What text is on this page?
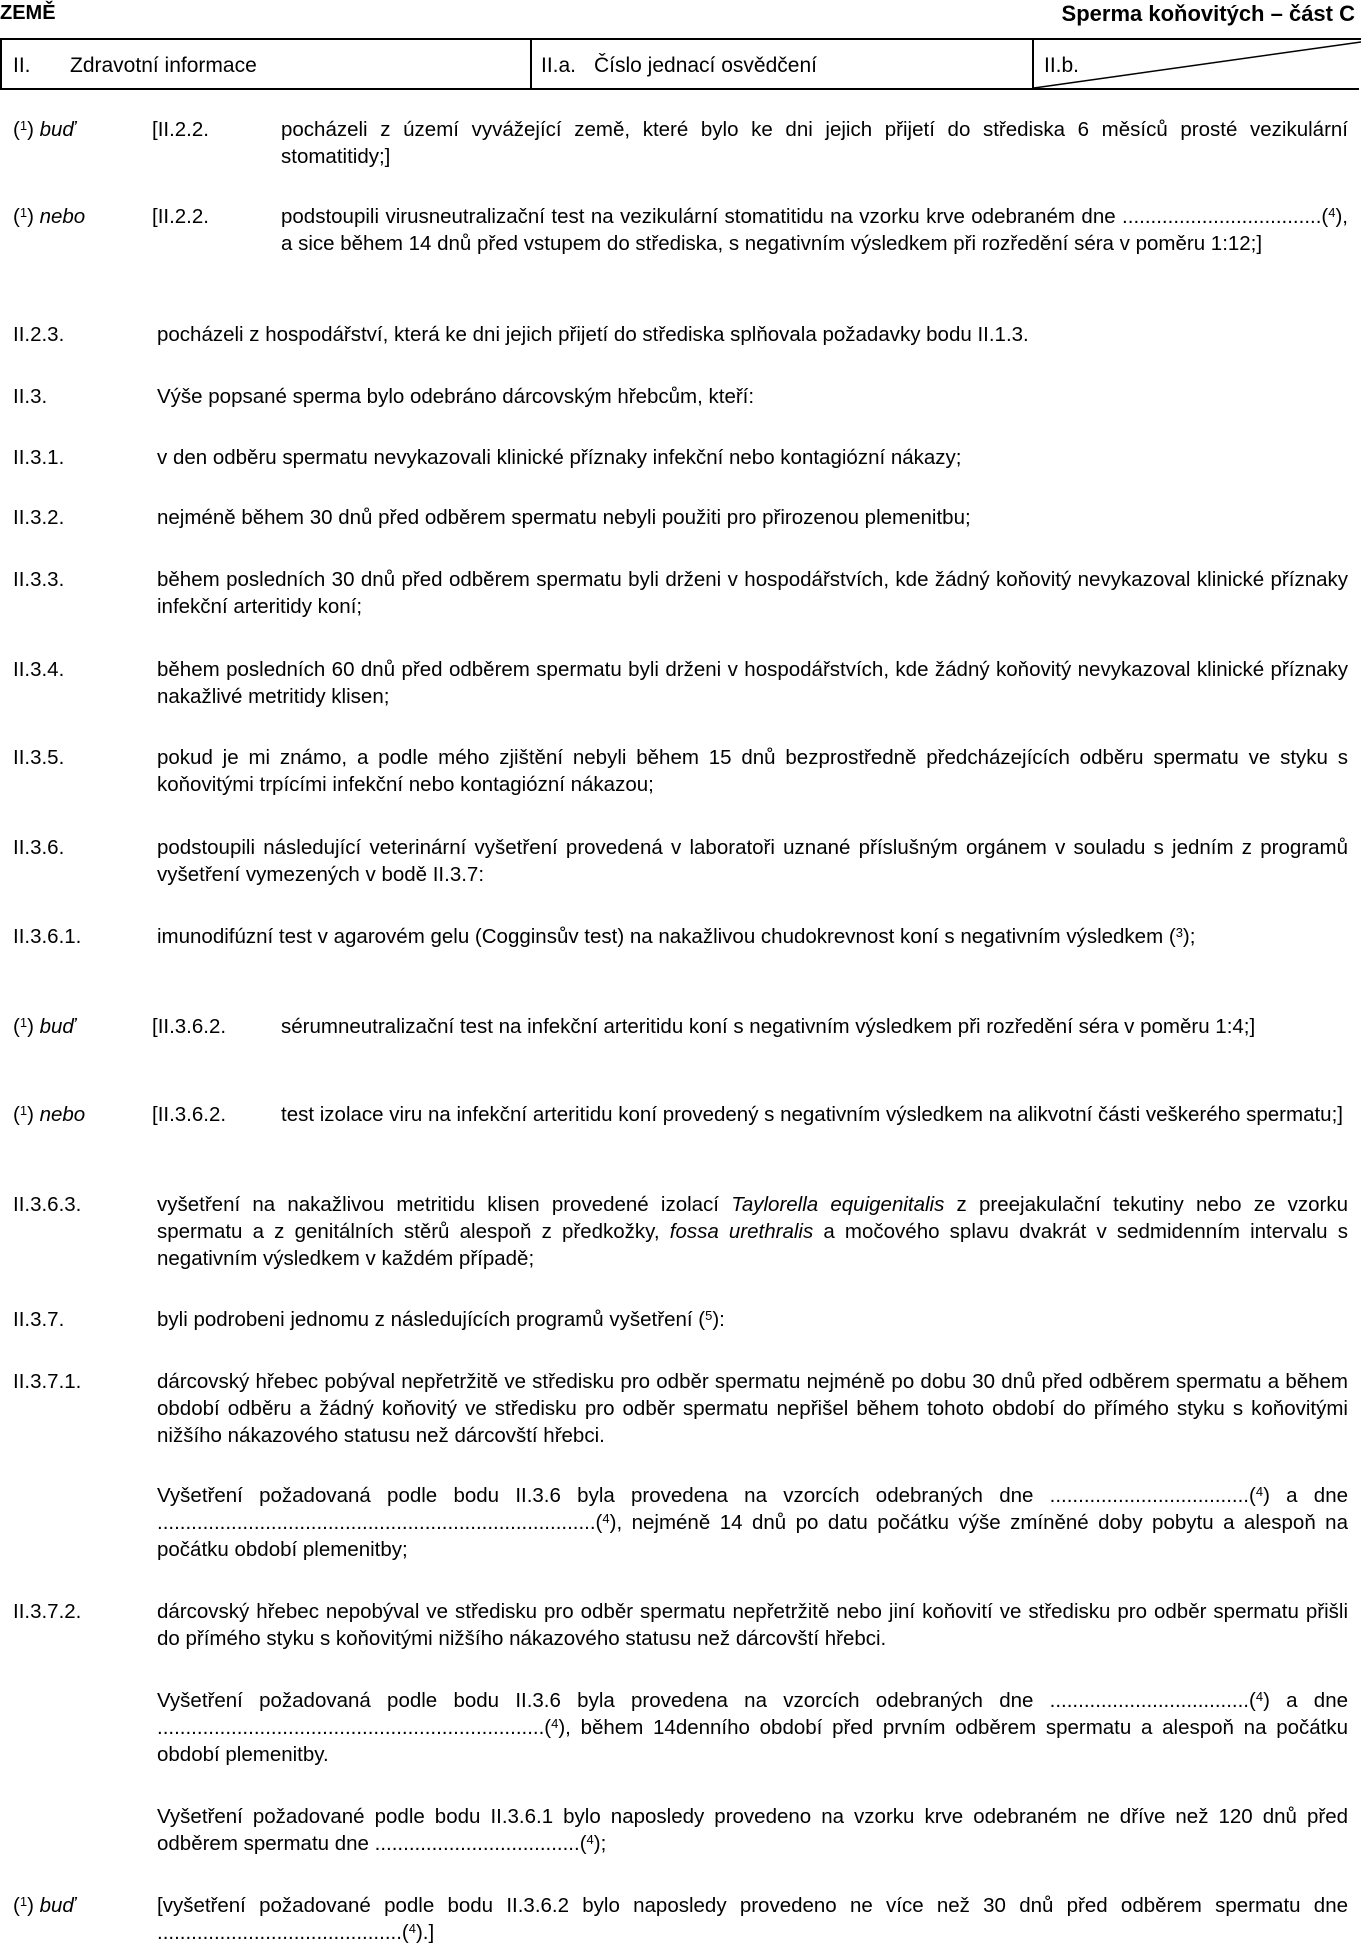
ZEMĚ	Sperma koňovitých – část C
II. Zdravotní informace	II.a. Číslo jednací osvědčení	II.b.
($^1$) buď	[II.2.2.	pocházeli z území vyvážející země, které bylo ke dni jejich přijetí do střediska 6 měsíců prosté vezikulární stomatitidy;]
($^1$) nebo	[II.2.2.	podstoupili virusneutralizační test na vezikulární stomatitidu na vzorku krve odebraném dne ...................................($^4$), a sice během 14 dnů před vstupem do střediska, s negativním výsledkem při rozředění séra v poměru 1:12;]
II.2.3.	pocházeli z hospodářství, která ke dni jejich přijetí do střediska splňovala požadavky bodu II.1.3.
II.3.	Výše popsané sperma bylo odebráno dárcovským hřebcům, kteří:
II.3.1.	v den odběru spermatu nevykazovali klinické příznaky infekční nebo kontagiózní nákazy;
II.3.2.	nejméně během 30 dnů před odběrem spermatu nebyli použiti pro přirozenou plemenitbu;
II.3.3.	během posledních 30 dnů před odběrem spermatu byli drženi v hospodářstvích, kde žádný koňovitý nevykazoval klinické příznaky infekční arteritidy koní;
II.3.4.	během posledních 60 dnů před odběrem spermatu byli drženi v hospodářstvích, kde žádný koňovitý nevykazoval klinické příznaky nakažlivé metritidy klisen;
II.3.5.	pokud je mi známo, a podle mého zjištění nebyli během 15 dnů bezprostředně předcházejících odběru spermatu ve styku s koňovitými trpícími infekční nebo kontagiózní nákazou;
II.3.6.	podstoupili následující veterinární vyšetření provedená v laboratoři uznané příslušným orgánem v souladu s jedním z programů vyšetření vymezených v bodě II.3.7:
II.3.6.1.	imunodifúzní test v agarovém gelu (Cogginsův test) na nakažlivou chudokrevnost koní s negativním výsledkem ($^3$);
($^1$) buď	[II.3.6.2.	sérumneutralizační test na infekční arteritidu koní s negativním výsledkem při rozředění séra v poměru 1:4;]
($^1$) nebo	[II.3.6.2.	test izolace viru na infekční arteritidu koní provedený s negativním výsledkem na alikvotní části veškerého spermatu;]
II.3.6.3.	vyšetření na nakažlivou metritidu klisen provedené izolací Taylorella equigenitalis z preejakulační tekutiny nebo ze vzorku spermatu a z genitálních stěrů alespoň z předkožky, fossa urethralis a močového splavu dvakrát v sedmidenním intervalu s negativním výsledkem v každém případě;
II.3.7.	byli podrobeni jednomu z následujících programů vyšetření ($^5$):
II.3.7.1.	dárcovský hřebec pobýval nepřetržitě ve středisku pro odběr spermatu nejméně po dobu 30 dnů před odběrem spermatu a během období odběru a žádný koňovitý ve středisku pro odběr spermatu nepřišel během tohoto období do přímého styku s koňovitými nižšího nákazového statusu než dárcovští hřebci.
Vyšetření požadovaná podle bodu II.3.6 byla provedena na vzorcích odebraných dne ...................................($^4$) a dne .............................................................................($^4$), nejméně 14 dnů po datu počátku výše zmíněné doby pobytu a alespoň na počátku období plemenitby;
II.3.7.2.	dárcovský hřebec nepobýval ve středisku pro odběr spermatu nepřetržitě nebo jiní koňovití ve středisku pro odběr spermatu přišli do přímého styku s koňovitými nižšího nákazového statusu než dárcovští hřebci.
Vyšetření požadovaná podle bodu II.3.6 byla provedena na vzorcích odebraných dne ...................................($^4$) a dne ....................................................................($^4$), během 14denního období před prvním odběrem spermatu a alespoň na počátku období plemenitby.
Vyšetření požadované podle bodu II.3.6.1 bylo naposledy provedeno na vzorku krve odebraném ne dříve než 120 dnů před odběrem spermatu dne ....................................($^4$);
($^1$) buď	[vyšetření požadované podle bodu II.3.6.2 bylo naposledy provedeno ne více než 30 dnů před odběrem spermatu dne ...........................................($^4$).]
